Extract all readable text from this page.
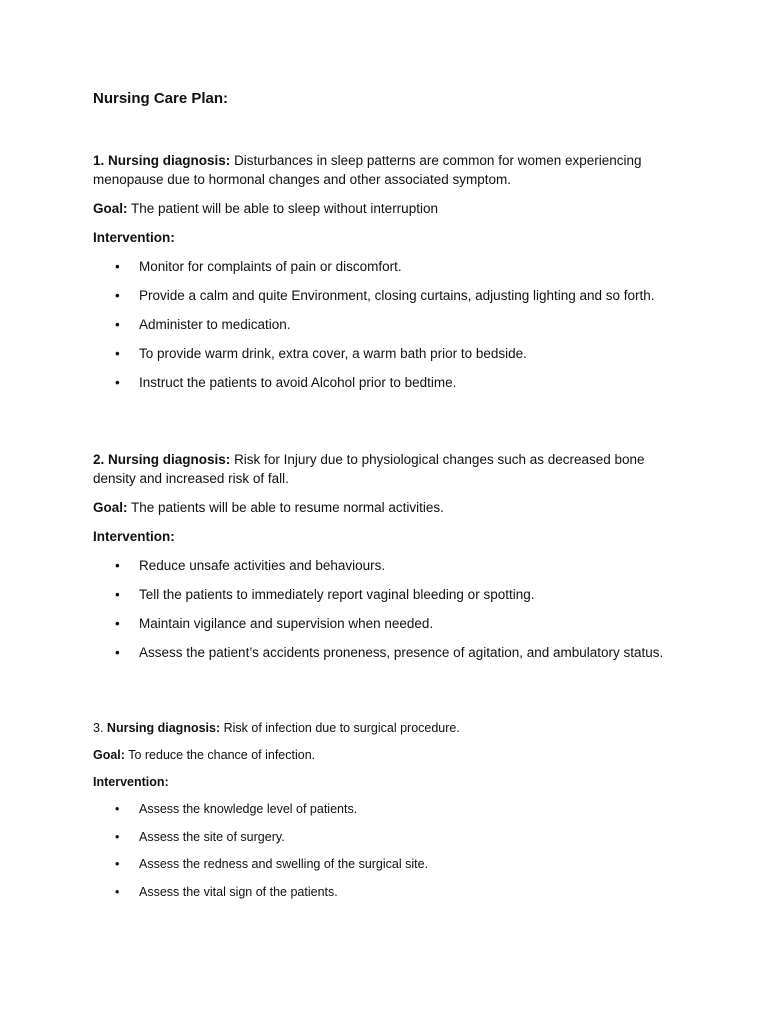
Nursing Care Plan:

1. Nursing diagnosis: Disturbances in sleep patterns are common for women experiencing menopause due to hormonal changes and other associated symptom.

Goal: The patient will be able to sleep without interruption

Intervention:

• Monitor for complaints of pain or discomfort.
• Provide a calm and quite Environment, closing curtains, adjusting lighting and so forth.
• Administer to medication.
• To provide warm drink, extra cover, a warm bath prior to bedside.
• Instruct the patients to avoid Alcohol prior to bedtime.

2. Nursing diagnosis: Risk for Injury due to physiological changes such as decreased bone density and increased risk of fall.

Goal: The patients will be able to resume normal activities.

Intervention:

• Reduce unsafe activities and behaviours.
• Tell the patients to immediately report vaginal bleeding or spotting.
• Maintain vigilance and supervision when needed.
• Assess the patient’s accidents proneness, presence of agitation, and ambulatory status.

3. Nursing diagnosis: Risk of infection due to surgical procedure.

Goal: To reduce the chance of infection.

Intervention:

• Assess the knowledge level of patients.
• Assess the site of surgery.
• Assess the redness and swelling of the surgical site.
• Assess the vital sign of the patients.
